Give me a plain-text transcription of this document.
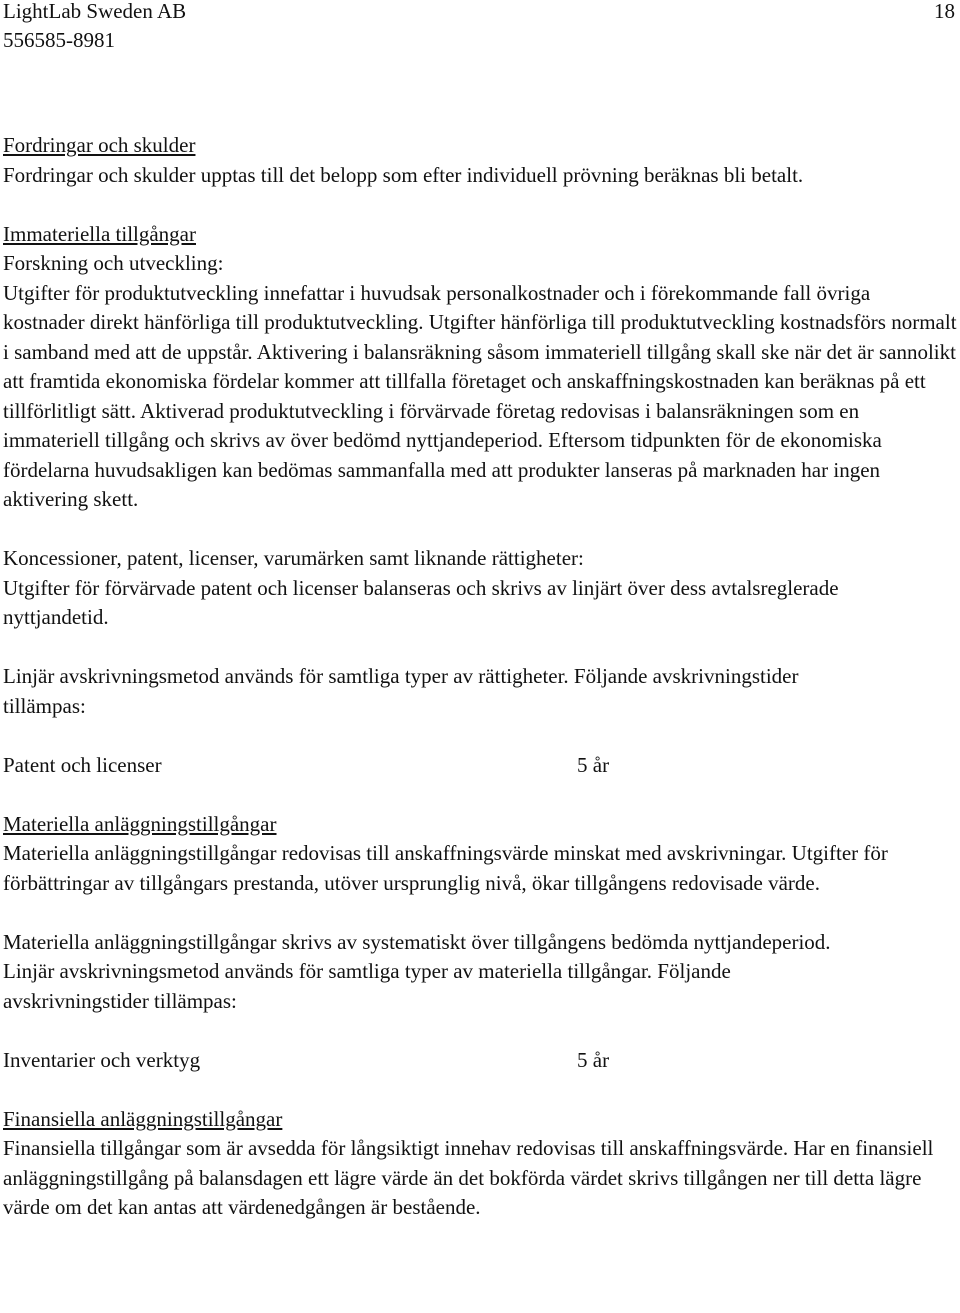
LightLab Sweden AB
556585-8981
18

Fordringar och skulder

Fordringar och skulder upptas till det belopp som efter individuell prövning beräknas bli betalt.

Immateriella tillgångar

Forskning och utveckling:

Utgifter för produktutveckling innefattar i huvudsak personalkostnader och i förekommande fall övriga kostnader direkt hänförliga till produktutveckling. Utgifter hänförliga till produktutveckling kostnadsförs normalt i samband med att de uppstår. Aktivering i balansräkning såsom immateriell tillgång skall ske när det är sannolikt att framtida ekonomiska fördelar kommer att tillfalla företaget och anskaffningskostnaden kan beräknas på ett tillförlitligt sätt. Aktiverad produktutveckling i förvärvade företag redovisas i balansräkningen som en immateriell tillgång och skrivs av över bedömd nyttjandeperiod. Eftersom tidpunkten för de ekonomiska fördelarna huvudsakligen kan bedömas sammanfalla med att produkter lanseras på marknaden har ingen aktivering skett.

Koncessioner, patent, licenser, varumärken samt liknande rättigheter:

Utgifter för förvärvade patent och licenser balanseras och skrivs av linjärt över dess avtalsreglerade nyttjandetid.

Linjär avskrivningsmetod används för samtliga typer av rättigheter. Följande avskrivningstider tillämpas:

Patent och licenser	5 år

Materiella anläggningstillgångar

Materiella anläggningstillgångar redovisas till anskaffningsvärde minskat med avskrivningar. Utgifter för förbättringar av tillgångars prestanda, utöver ursprunglig nivå, ökar tillgångens redovisade värde.

Materiella anläggningstillgångar skrivs av systematiskt över tillgångens bedömda nyttjandeperiod. Linjär avskrivningsmetod används för samtliga typer av materiella tillgångar. Följande avskrivningstider tillämpas:

Inventarier och verktyg	5 år

Finansiella anläggningstillgångar

Finansiella tillgångar som är avsedda för långsiktigt innehav redovisas till anskaffningsvärde. Har en finansiell anläggningstillgång på balansdagen ett lägre värde än det bokförda värdet skrivs tillgången ner till detta lägre värde om det kan antas att värdenedgången är bestående.
